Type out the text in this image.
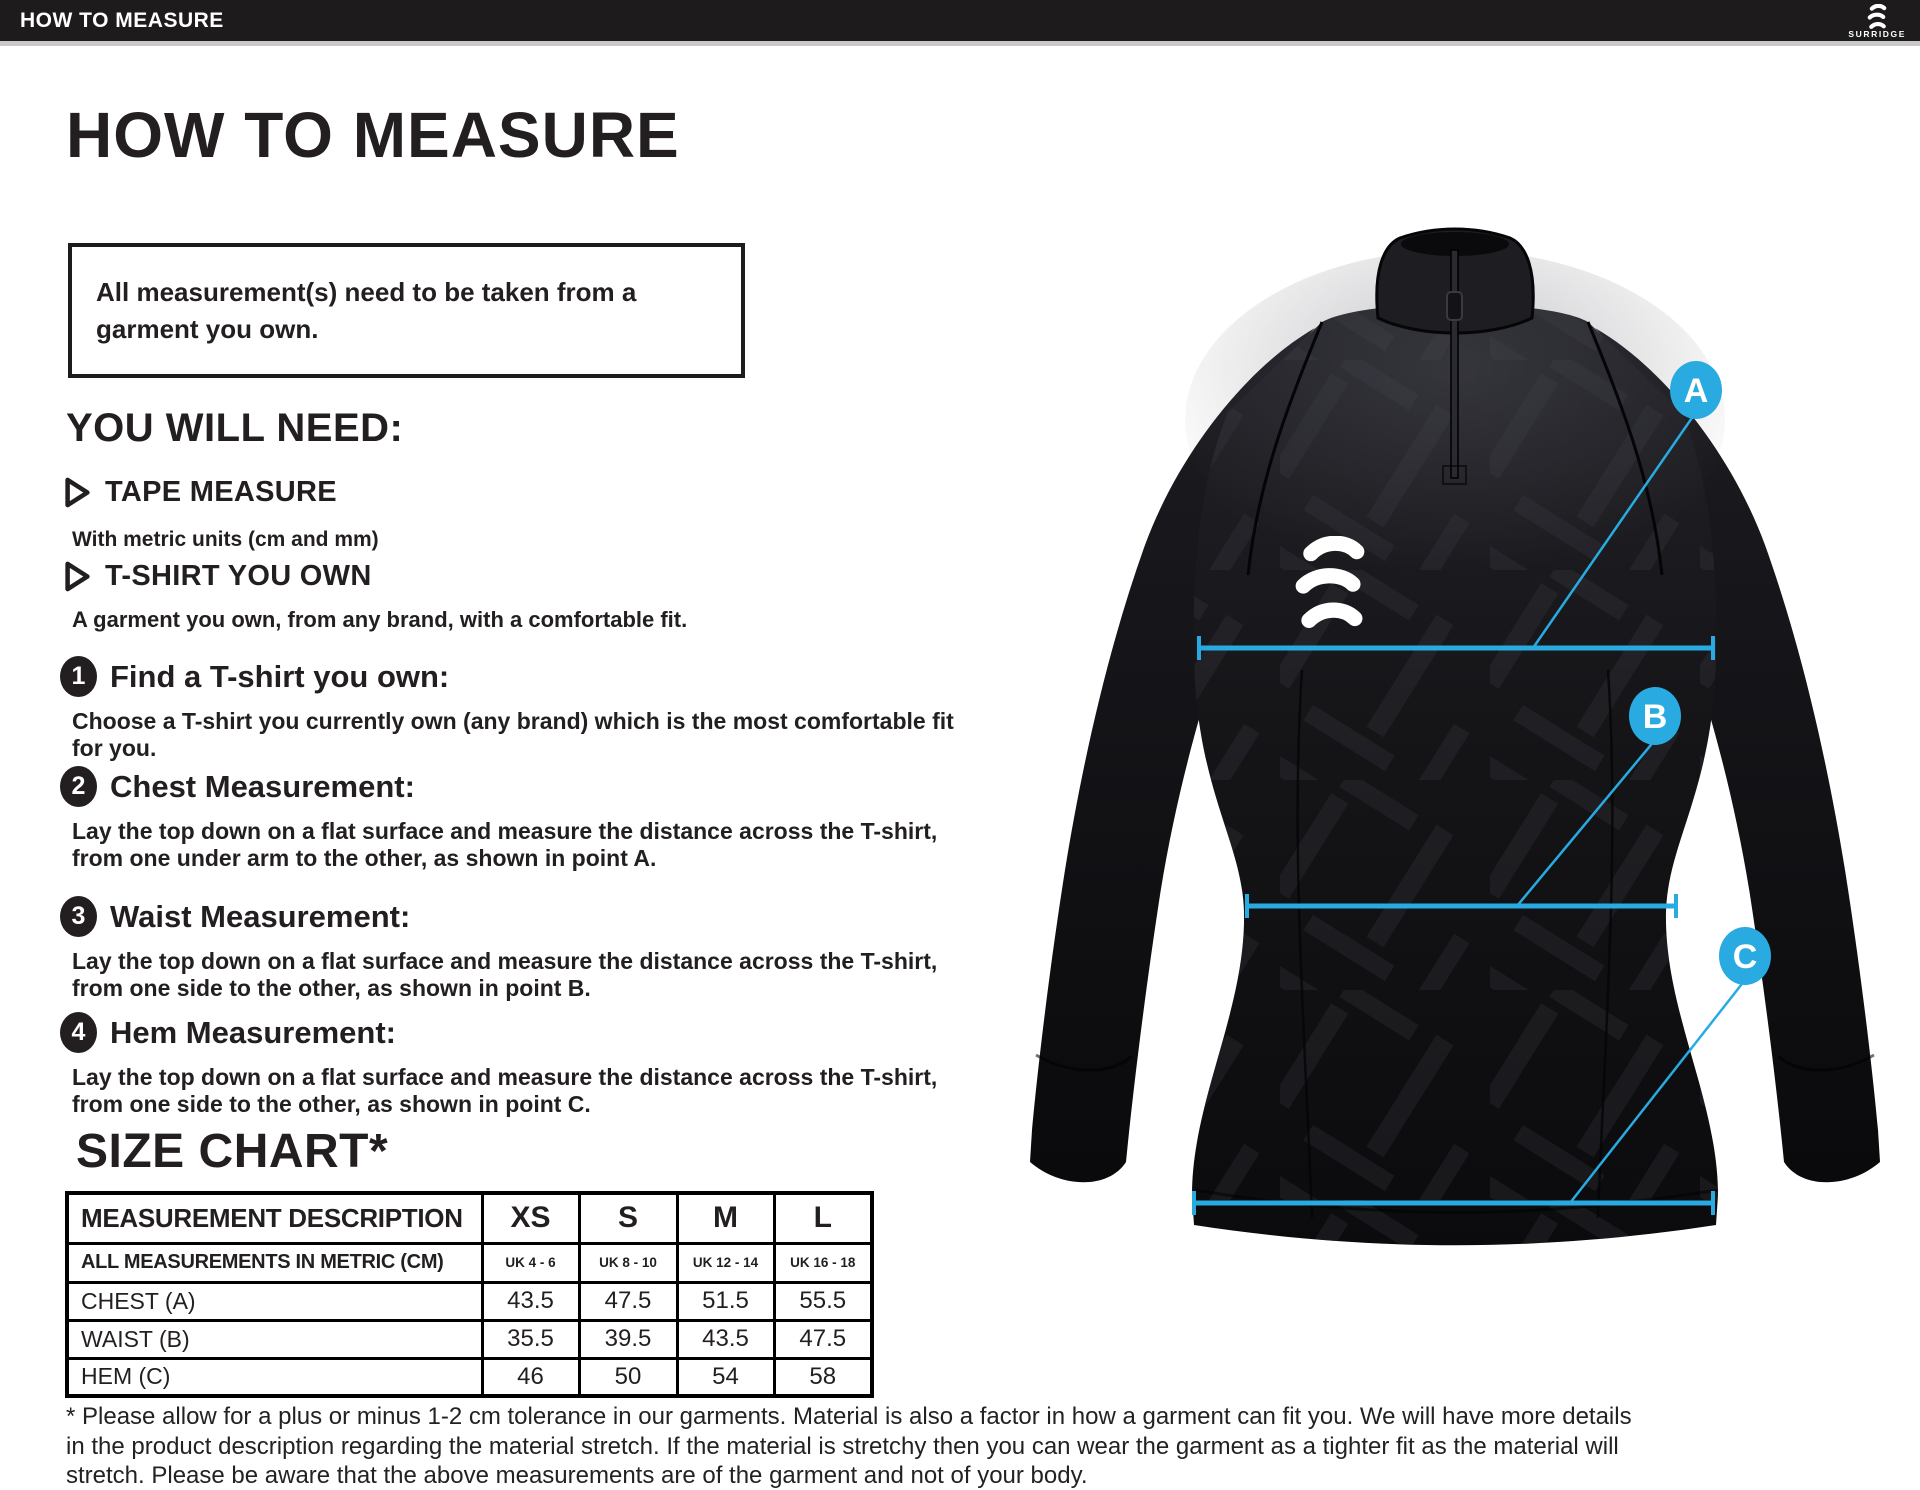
HOW TO MEASURE
SURRIDGE
HOW TO MEASURE
All measurement(s) need to be taken from a garment you own.
YOU WILL NEED:
TAPE MEASURE
With metric units (cm and mm)
T-SHIRT YOU OWN
A garment you own, from any brand, with a comfortable fit.
1 Find a T-shirt you own:
Choose a T-shirt you currently own (any brand) which is the most comfortable fit for you.
2 Chest Measurement:
Lay the top down on a flat surface and measure the distance across the T-shirt, from one under arm to the other, as shown in point A.
3 Waist Measurement:
Lay the top down on a flat surface and measure the distance across the T-shirt, from one side to the other, as shown in point B.
4 Hem Measurement:
Lay the top down on a flat surface and measure the distance across the T-shirt, from one side to the other, as shown in point C.
SIZE CHART*
MEASUREMENT DESCRIPTION	XS	S	M	L
ALL MEASUREMENTS IN METRIC (CM)	UK 4 - 6	UK 8 - 10	UK 12 - 14	UK 16 - 18
CHEST (A)	43.5	47.5	51.5	55.5
WAIST (B)	35.5	39.5	43.5	47.5
HEM (C)	46	50	54	58
* Please allow for a plus or minus 1-2 cm tolerance in our garments. Material is also a factor in how a garment can fit you. We will have more details in the product description regarding the material stretch. If the material is stretchy then you can wear the garment as a tighter fit as the material will stretch. Please be aware that the above measurements are of the garment and not of your body.
A
B
C
